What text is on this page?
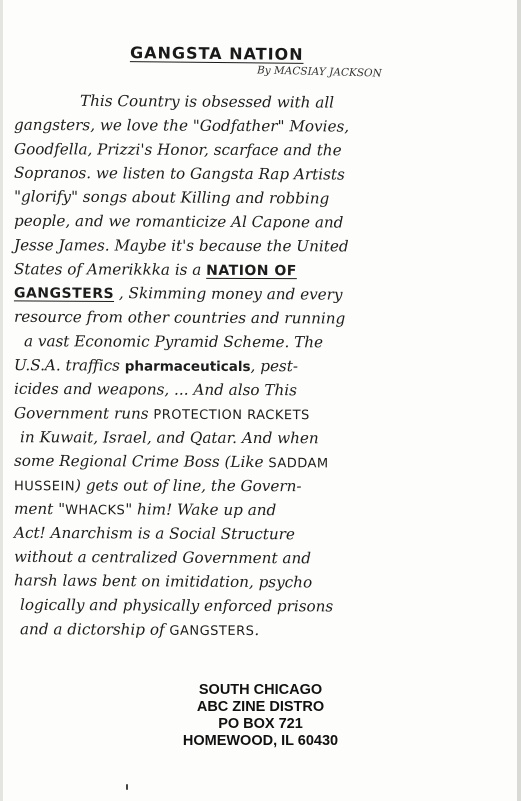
GANGSTA NATION
By MACSIAY JACKSON
This Country is obsessed with all
gangsters, we love the "Godfather" Movies,
Goodfella, Prizzi's Honor, scarface and the
Sopranos. we listen to Gangsta Rap Artists
"glorify" songs about Killing and robbing
people, and we romanticize Al Capone and
Jesse James. Maybe it's because the United
States of Amerikkka is a NATION OF
GANGSTERS , Skimming money and every
resource from other countries and running
a vast Economic Pyramid Scheme. The
U.S.A. traffics pharmaceuticals, pest-
icides and weapons, ... And also This
Government runs PROTECTION RACKETS
in Kuwait, Israel, and Qatar. And when
some Regional Crime Boss (Like SADDAM
HUSSEIN) gets out of line, the Govern-
ment "WHACKS" him! Wake up and
Act! Anarchism is a Social Structure
without a centralized Government and
harsh laws bent on imitidation, psycho
logically and physically enforced prisons
and a dictorship of GANGSTERS.
SOUTH CHICAGO
ABC ZINE DISTRO
PO BOX 721
HOMEWOOD, IL 60430
